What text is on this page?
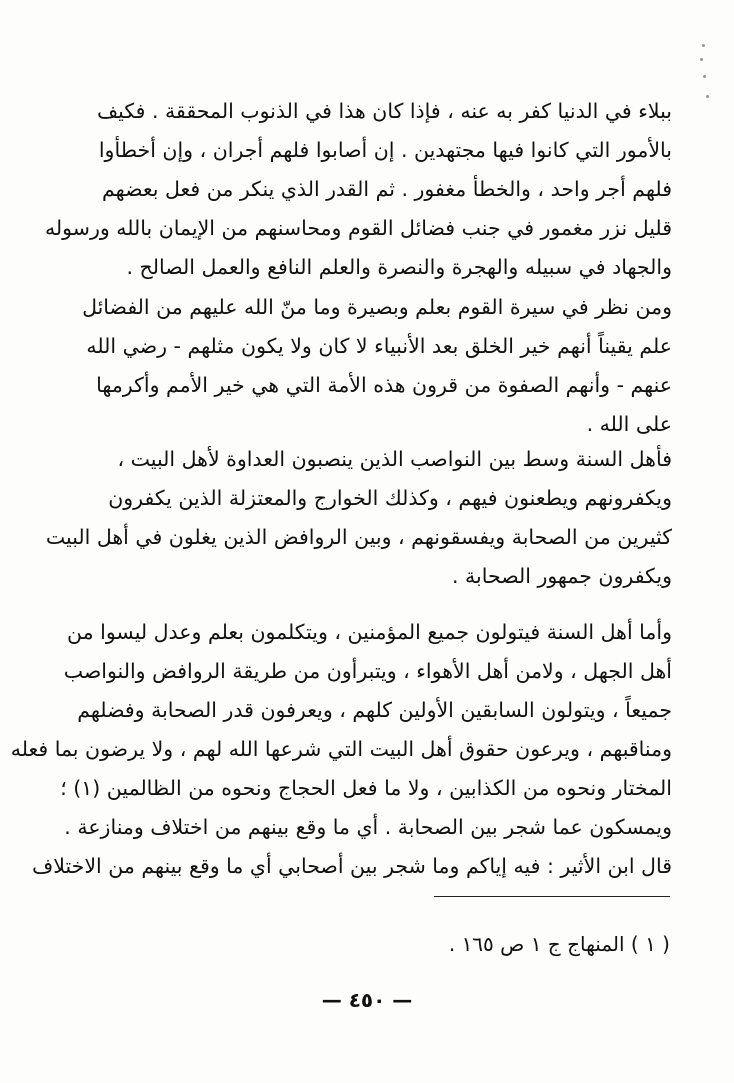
ببلاء في الدنيا كفر به عنه ، فإذا كان هذا في الذنوب المحققة . فكيف
بالأمور التي كانوا فيها مجتهدين . إن أصابوا فلهم أجران ، وإن أخطأوا
فلهم أجر واحد ، والخطأ مغفور . ثم القدر الذي ينكر من فعل بعضهم
قليل نزر مغمور في جنب فضائل القوم ومحاسنهم من الإيمان بالله ورسوله
والجهاد في سبيله والهجرة والنصرة والعلم النافع والعمل الصالح .
ومن نظر في سيرة القوم بعلم وبصيرة وما منّ الله عليهم من الفضائل
علم يقيناً أنهم خير الخلق بعد الأنبياء لا كان ولا يكون مثلهم - رضي الله
عنهم - وأنهم الصفوة من قرون هذه الأمة التي هي خير الأمم وأكرمها
على الله .
فأهل السنة وسط بين النواصب الذين ينصبون العداوة لأهل البيت ،
ويكفرونهم ويطعنون فيهم ، وكذلك الخوارج والمعتزلة الذين يكفرون
كثيرين من الصحابة ويفسقونهم ، وبين الروافض الذين يغلون في أهل البيت
ويكفرون جمهور الصحابة .
وأما أهل السنة فيتولون جميع المؤمنين ، ويتكلمون بعلم وعدل ليسوا من
أهل الجهل ، ولامن أهل الأهواء ، ويتبرأون من طريقة الروافض والنواصب
جميعاً ، ويتولون السابقين الأولين كلهم ، ويعرفون قدر الصحابة وفضلهم
ومناقبهم ، ويرعون حقوق أهل البيت التي شرعها الله لهم ، ولا يرضون بما فعله
المختار ونحوه من الكذابين ، ولا ما فعل الحجاج ونحوه من الظالمين (١) ؛
ويمسكون عما شجر بين الصحابة . أي ما وقع بينهم من اختلاف ومنازعة .
قال ابن الأثير : فيه إياكم وما شجر بين أصحابي أي ما وقع بينهم من الاختلاف
( ١ ) المنهاج ج ١ ص ١٦٥ .
— ٤٥٠ —
